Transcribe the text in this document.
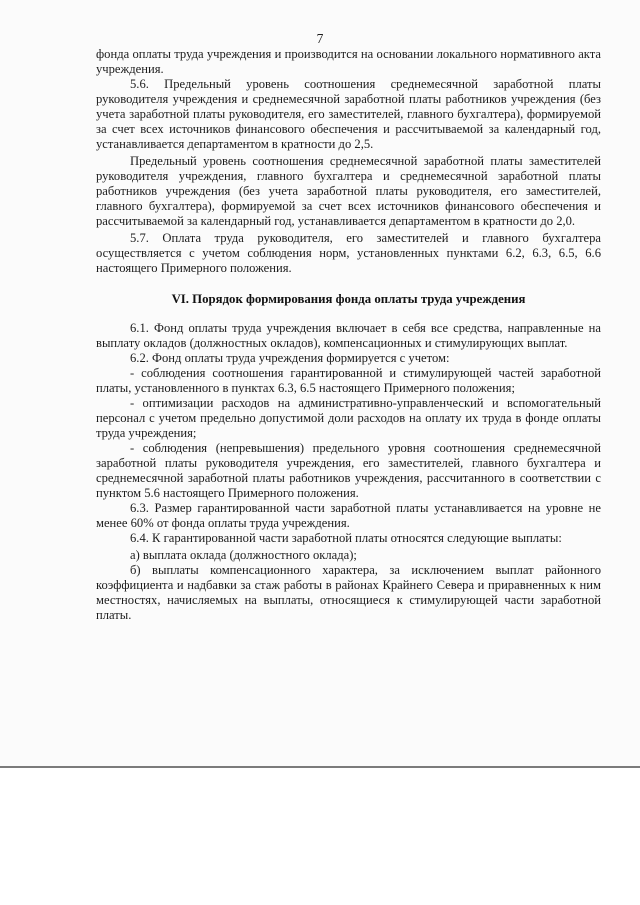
7

фонда оплаты труда учреждения и производится на основании локального нормативного акта учреждения.

5.6. Предельный уровень соотношения среднемесячной заработной платы руководителя учреждения и среднемесячной заработной платы работников учреждения (без учета заработной платы руководителя, его заместителей, главного бухгалтера), формируемой за счет всех источников финансового обеспечения и рассчитываемой за календарный год, устанавливается департаментом в кратности до 2,5.

Предельный уровень соотношения среднемесячной заработной платы заместителей руководителя учреждения, главного бухгалтера и среднемесячной заработной платы работников учреждения (без учета заработной платы руководителя, его заместителей, главного бухгалтера), формируемой за счет всех источников финансового обеспечения и рассчитываемой за календарный год, устанавливается департаментом в кратности до 2,0.

5.7. Оплата труда руководителя, его заместителей и главного бухгалтера осуществляется с учетом соблюдения норм, установленных пунктами 6.2, 6.3, 6.5, 6.6 настоящего Примерного положения.

VI. Порядок формирования фонда оплаты труда учреждения

6.1. Фонд оплаты труда учреждения включает в себя все средства, направленные на выплату окладов (должностных окладов), компенсационных и стимулирующих выплат.

6.2. Фонд оплаты труда учреждения формируется с учетом:

- соблюдения соотношения гарантированной и стимулирующей частей заработной платы, установленного в пунктах 6.3, 6.5 настоящего Примерного положения;

- оптимизации расходов на административно-управленческий и вспомогательный персонал с учетом предельно допустимой доли расходов на оплату их труда в фонде оплаты труда учреждения;

- соблюдения (непревышения) предельного уровня соотношения среднемесячной заработной платы руководителя учреждения, его заместителей, главного бухгалтера и среднемесячной заработной платы работников учреждения, рассчитанного в соответствии с пунктом 5.6 настоящего Примерного положения.

6.3. Размер гарантированной части заработной платы устанавливается на уровне не менее 60% от фонда оплаты труда учреждения.

6.4. К гарантированной части заработной платы относятся следующие выплаты:

а) выплата оклада (должностного оклада);

б) выплаты компенсационного характера, за исключением выплат районного коэффициента и надбавки за стаж работы в районах Крайнего Севера и приравненных к ним местностях, начисляемых на выплаты, относящиеся к стимулирующей части заработной платы.
